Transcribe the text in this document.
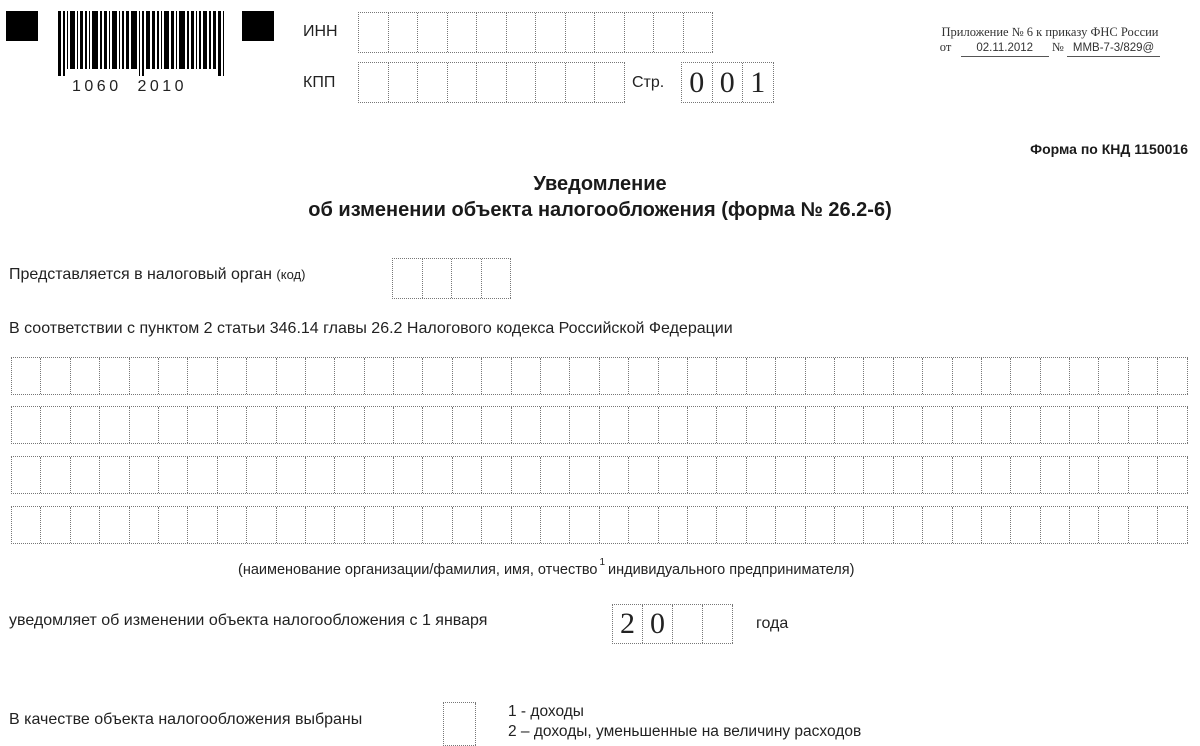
1060  2010
ИНН
КПП	Стр. 0 0 1
Приложение № 6 к приказу ФНС России
от 02.11.2012 № ММВ-7-3/829@
Форма по КНД 1150016
Уведомление
об изменении объекта налогообложения (форма № 26.2-6)
Представляется в налоговый орган (код)
В соответствии с пунктом 2 статьи 346.14 главы 26.2 Налогового кодекса Российской Федерации
(наименование организации/фамилия, имя, отчество $^1$ индивидуального предпринимателя)
уведомляет об изменении объекта налогообложения с 1 января	2 0	года
В качестве объекта налогообложения выбраны	1 - доходы
2 – доходы, уменьшенные на величину расходов
